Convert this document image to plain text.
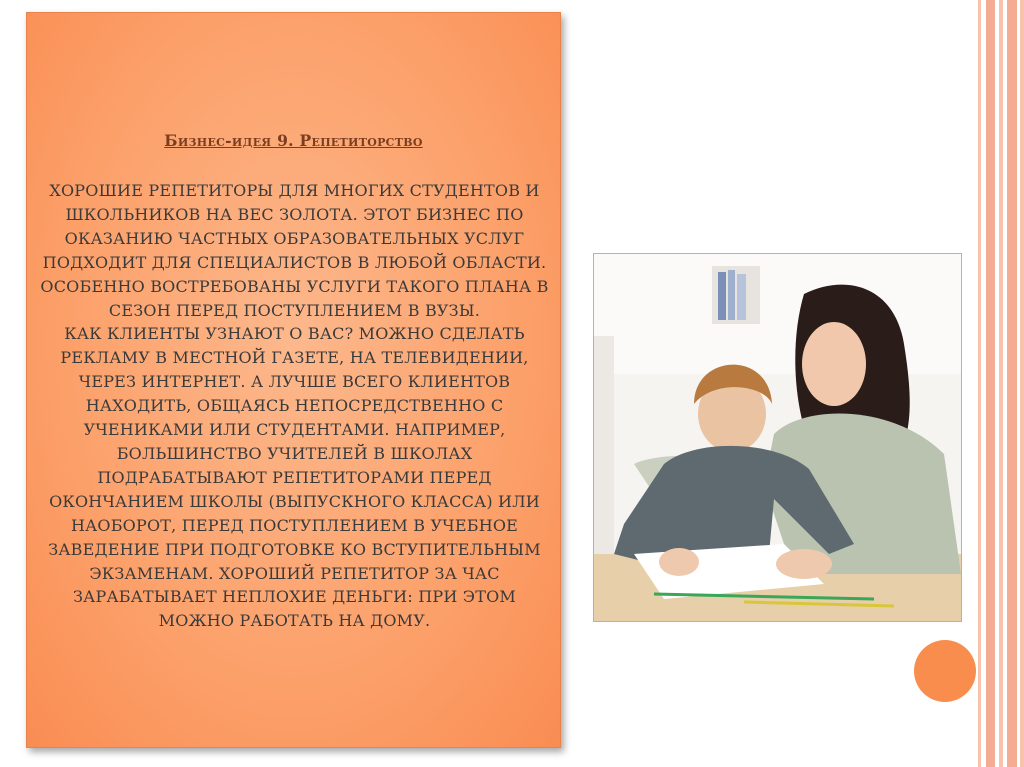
Бизнес-идея 9. Репетиторство
ХОРОШИЕ РЕПЕТИТОРЫ ДЛЯ МНОГИХ СТУДЕНТОВ И ШКОЛЬНИКОВ НА ВЕС ЗОЛОТА. ЭТОТ БИЗНЕС ПО ОКАЗАНИЮ ЧАСТНЫХ ОБРАЗОВАТЕЛЬНЫХ УСЛУГ ПОДХОДИТ ДЛЯ СПЕЦИАЛИСТОВ В ЛЮБОЙ ОБЛАСТИ. ОСОБЕННО ВОСТРЕБОВАНЫ УСЛУГИ ТАКОГО ПЛАНА В СЕЗОН ПЕРЕД ПОСТУПЛЕНИЕМ В ВУЗЫ.
КАК КЛИЕНТЫ УЗНАЮТ О ВАС? МОЖНО СДЕЛАТЬ РЕКЛАМУ В МЕСТНОЙ ГАЗЕТЕ, НА ТЕЛЕВИДЕНИИ, ЧЕРЕЗ ИНТЕРНЕТ. А ЛУЧШЕ ВСЕГО КЛИЕНТОВ НАХОДИТЬ, ОБЩАЯСЬ НЕПОСРЕДСТВЕННО С УЧЕНИКАМИ ИЛИ СТУДЕНТАМИ. НАПРИМЕР, БОЛЬШИНСТВО УЧИТЕЛЕЙ В ШКОЛАХ ПОДРАБАТЫВАЮТ РЕПЕТИТОРАМИ ПЕРЕД ОКОНЧАНИЕМ ШКОЛЫ (ВЫПУСКНОГО КЛАССА) ИЛИ НАОБОРОТ, ПЕРЕД ПОСТУПЛЕНИЕМ В УЧЕБНОЕ ЗАВЕДЕНИЕ ПРИ ПОДГОТОВКЕ КО ВСТУПИТЕЛЬНЫМ ЭКЗАМЕНАМ. ХОРОШИЙ РЕПЕТИТОР ЗА ЧАС ЗАРАБАТЫВАЕТ НЕПЛОХИЕ ДЕНЬГИ: ПРИ ЭТОМ МОЖНО РАБОТАТЬ НА ДОМУ.
